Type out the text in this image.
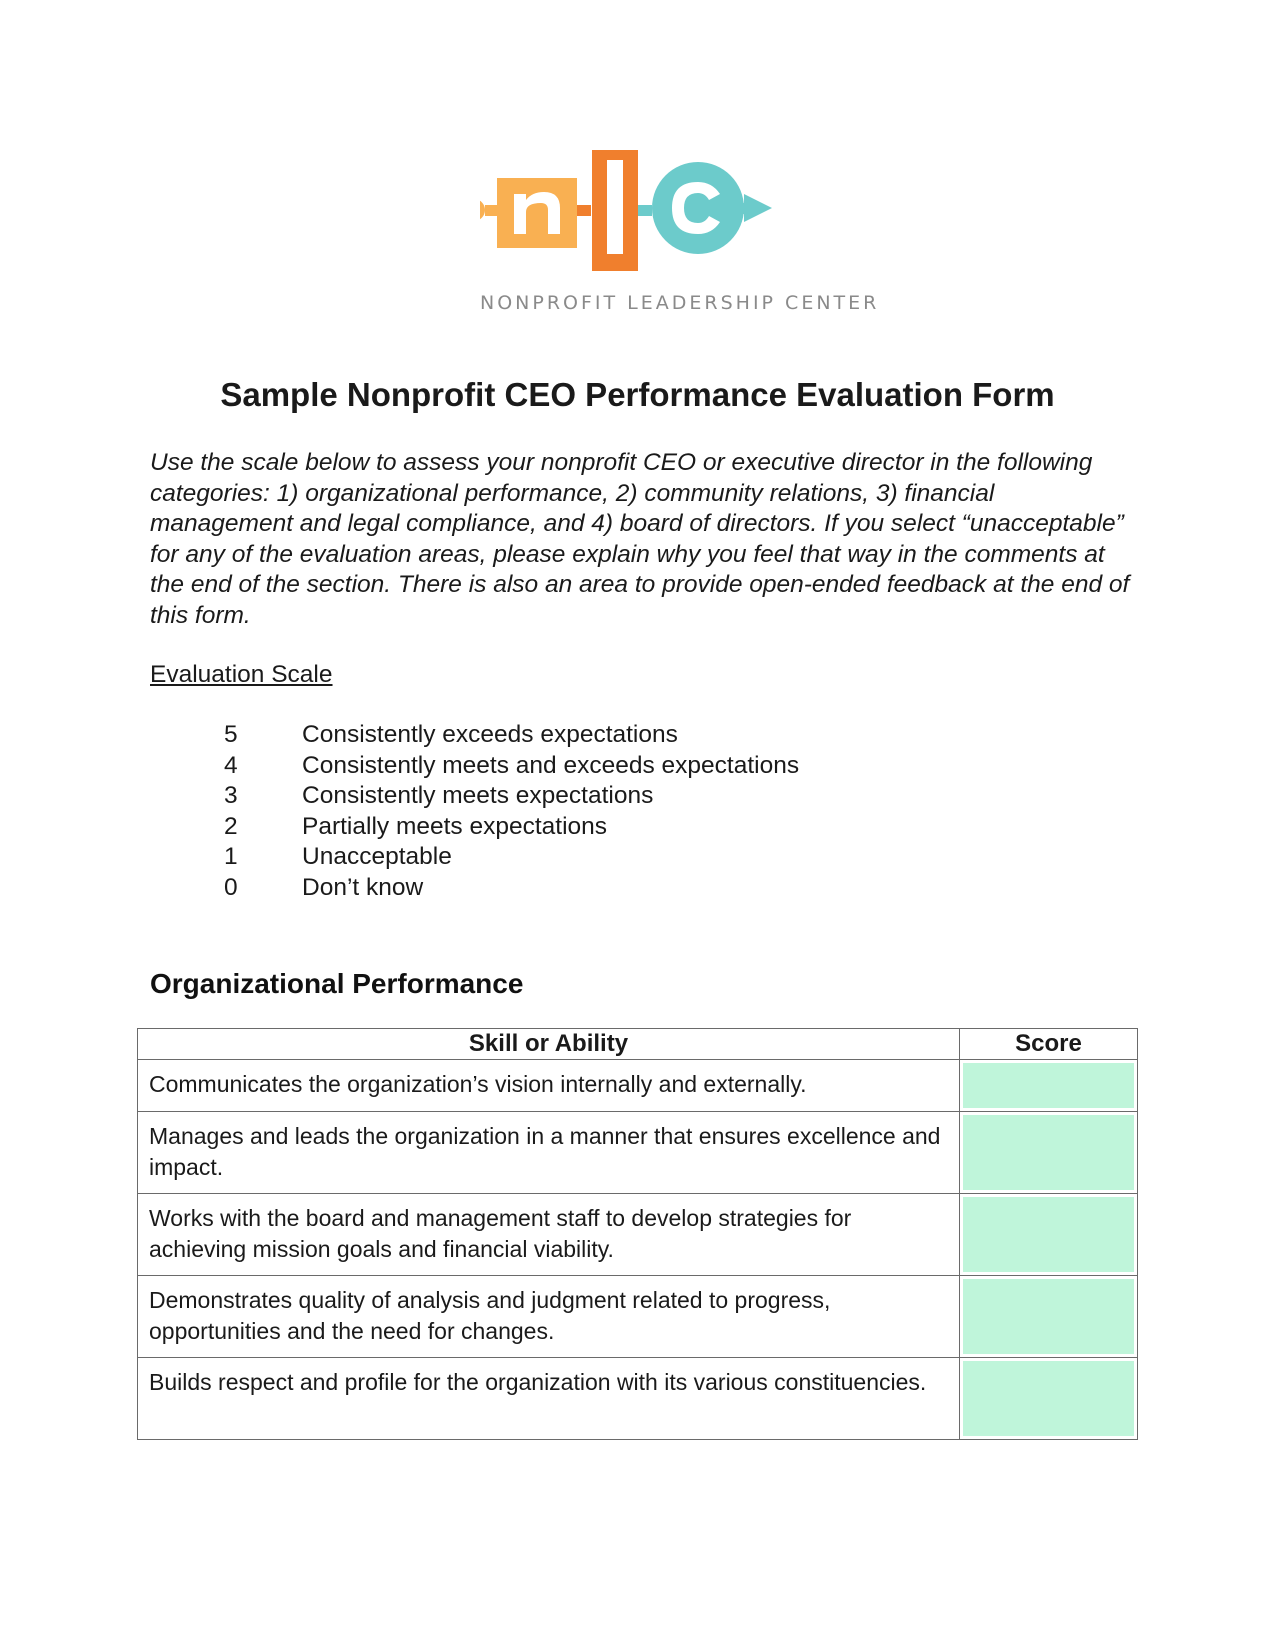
NONPROFIT LEADERSHIP CENTER
Sample Nonprofit CEO Performance Evaluation Form
Use the scale below to assess your nonprofit CEO or executive director in the following categories: 1) organizational performance, 2) community relations, 3) financial management and legal compliance, and 4) board of directors. If you select “unacceptable” for any of the evaluation areas, please explain why you feel that way in the comments at the end of the section. There is also an area to provide open-ended feedback at the end of this form.
Evaluation Scale
5	Consistently exceeds expectations
4	Consistently meets and exceeds expectations
3	Consistently meets expectations
2	Partially meets expectations
1	Unacceptable
0	Don’t know
Organizational Performance
Skill or Ability	Score
Communicates the organization’s vision internally and externally.	

Manages and leads the organization in a manner that ensures excellence and impact.	

Works with the board and management staff to develop strategies for achieving mission goals and financial viability.	

Demonstrates quality of analysis and judgment related to progress, opportunities and the need for changes.	

Builds respect and profile for the organization with its various constituencies.	
